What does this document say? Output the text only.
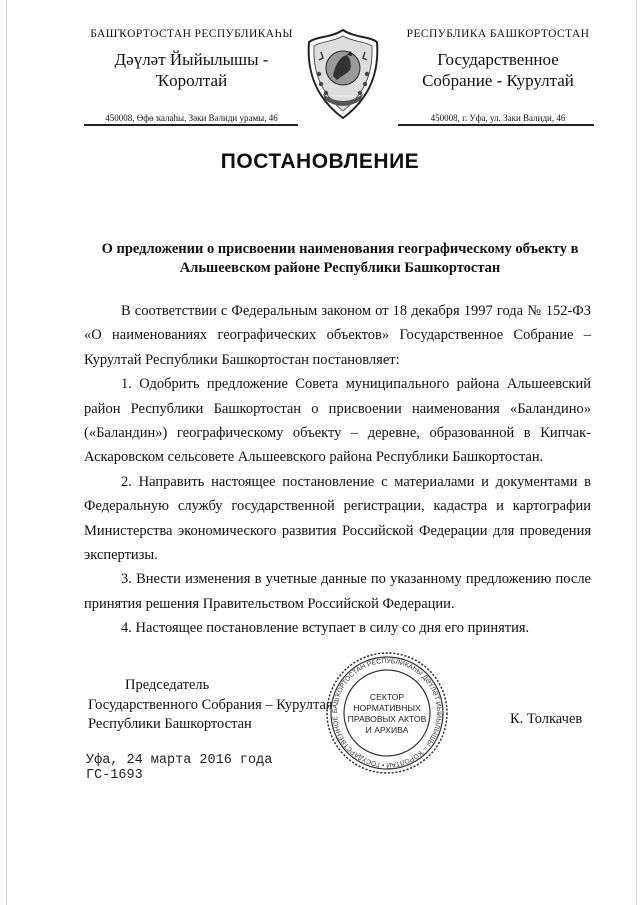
БАШҠОРТОСТАН РЕСПУБЛИКАҺЫ
Дәүләт Йыйылышы -
Ҡоролтай
450008, Өфө ҡалаһы, Зәки Вәлиди урамы, 46
РЕСПУБЛИКА БАШКОРТОСТАН
Государственное
Собрание - Курултай
450008, г. Уфа, ул. Заки Валиди, 46
ПОСТАНОВЛЕНИЕ
О предложении о присвоении наименования географическому объекту в
Альшеевском районе Республики Башкортостан

В соответствии с Федеральным законом от 18 декабря 1997 года № 152-ФЗ «О наименованиях географических объектов» Государственное Собрание – Курултай Республики Башкортостан постановляет:

1. Одобрить предложение Совета муниципального района Альшеевский район Республики Башкортостан о присвоении наименования «Баландино» («Баландин») географическому объекту – деревне, образованной в Кипчак-Аскаровском сельсовете Альшеевского района Республики Башкортостан.

2. Направить настоящее постановление с материалами и документами в Федеральную службу государственной регистрации, кадастра и картографии Министерства экономического развития Российской Федерации для проведения экспертизы.

3. Внести изменения в учетные данные по указанному предложению после принятия решения Правительством Российской Федерации.

4. Настоящее постановление вступает в силу со дня его принятия.

Председатель
Государственного Собрания – Курултая
Республики Башкортостан
БАШҠОРТОСТАН РЕСПУБЛИКАҺЫ ДӘҮЛӘТ ЙЫЙЫЛЫШЫ – ҠОРОЛТАЙ • ГОСУДАРСТВЕННОЕ
СЕКТОР
НОРМАТИВНЫХ
ПРАВОВЫХ АКТОВ
И АРХИВА
К. Толкачев
Уфа, 24 марта 2016 года
ГС-1693
